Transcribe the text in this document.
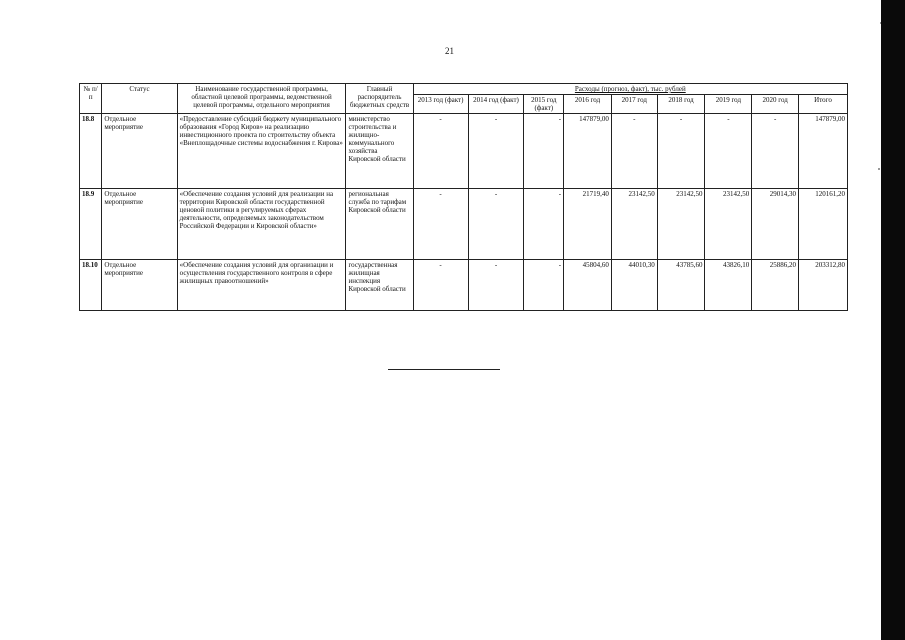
21
№ п/п	Статус	Наименование государственной программы, областной целевой программы, ведомственной целевой программы, отдельного мероприятия	Главный распорядитель бюджетных средств	Расходы (прогноз, факт), тыс. рублей								
				2013 год (факт)	2014 год (факт)	2015 год (факт)	2016 год	2017 год	2018 год	2019 год	2020 год	Итого
18.8	Отдельное мероприятие	«Предоставление субсидий бюджету муниципального образования «Город Киров» на реализацию инвестиционного проекта по строительству объекта «Внеплощадочные системы водоснабжения г. Кирова»	министерство строительства и жилищно-коммунального хозяйства Кировской области	-	-	-	147879,00	-	-	-	-	147879,00
18.9	Отдельное мероприятие	«Обеспечение создания условий для реализации на территории Кировской области государственной ценовой политики в регулируемых сферах деятельности, определяемых законодательством Российской Федерации и Кировской области»	региональная служба по тарифам Кировской области	-	-	-	21719,40	23142,50	23142,50	23142,50	29014,30	120161,20
18.10	Отдельное мероприятие	«Обеспечение создания условий для организации и осуществления государственного контроля в сфере жилищных правоотношений»	государственная жилищная инспекция Кировской области	-	-	-	45804,60	44010,30	43785,60	43826,10	25886,20	203312,80
